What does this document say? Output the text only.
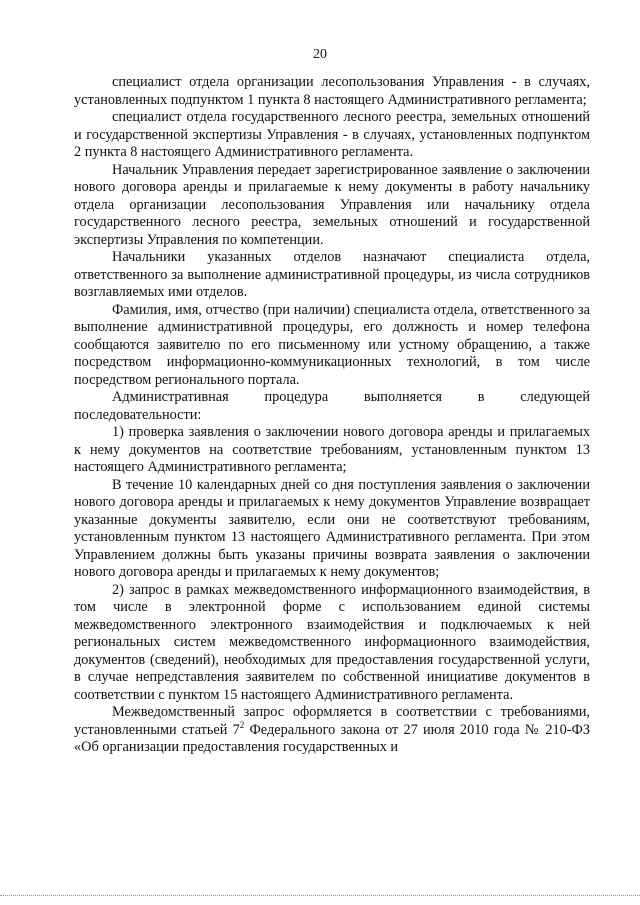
20

специалист отдела организации лесопользования Управления - в случаях, установленных подпунктом 1 пункта 8 настоящего Административного регламента;

специалист отдела государственного лесного реестра, земельных отношений и государственной экспертизы Управления - в случаях, установленных подпунктом 2 пункта 8 настоящего Административного регламента.

Начальник Управления передает зарегистрированное заявление о заключении нового договора аренды и прилагаемые к нему документы в работу начальнику отдела организации лесопользования Управления или начальнику отдела государственного лесного реестра, земельных отношений и государственной экспертизы Управления по компетенции.

Начальники указанных отделов назначают специалиста отдела, ответственного за выполнение административной процедуры, из числа сотрудников возглавляемых ими отделов.

Фамилия, имя, отчество (при наличии) специалиста отдела, ответственного за выполнение административной процедуры, его должность и номер телефона сообщаются заявителю по его письменному или устному обращению, а также посредством информационно-коммуникационных технологий, в том числе посредством регионального портала.

Административная процедура выполняется в следующей последовательности:

1) проверка заявления о заключении нового договора аренды и прилагаемых к нему документов на соответствие требованиям, установленным пунктом 13 настоящего Административного регламента;

В течение 10 календарных дней со дня поступления заявления о заключении нового договора аренды и прилагаемых к нему документов Управление возвращает указанные документы заявителю, если они не соответствуют требованиям, установленным пунктом 13 настоящего Административного регламента. При этом Управлением должны быть указаны причины возврата заявления о заключении нового договора аренды и прилагаемых к нему документов;

2) запрос в рамках межведомственного информационного взаимодействия, в том числе в электронной форме с использованием единой системы межведомственного электронного взаимодействия и подключаемых к ней региональных систем межведомственного информационного взаимодействия, документов (сведений), необходимых для предоставления государственной услуги, в случае непредставления заявителем по собственной инициативе документов в соответствии с пунктом 15 настоящего Административного регламента.

Межведомственный запрос оформляется в соответствии с требованиями, установленными статьей $7^2$ Федерального закона от 27 июля 2010 года № 210-ФЗ «Об организации предоставления государственных и
